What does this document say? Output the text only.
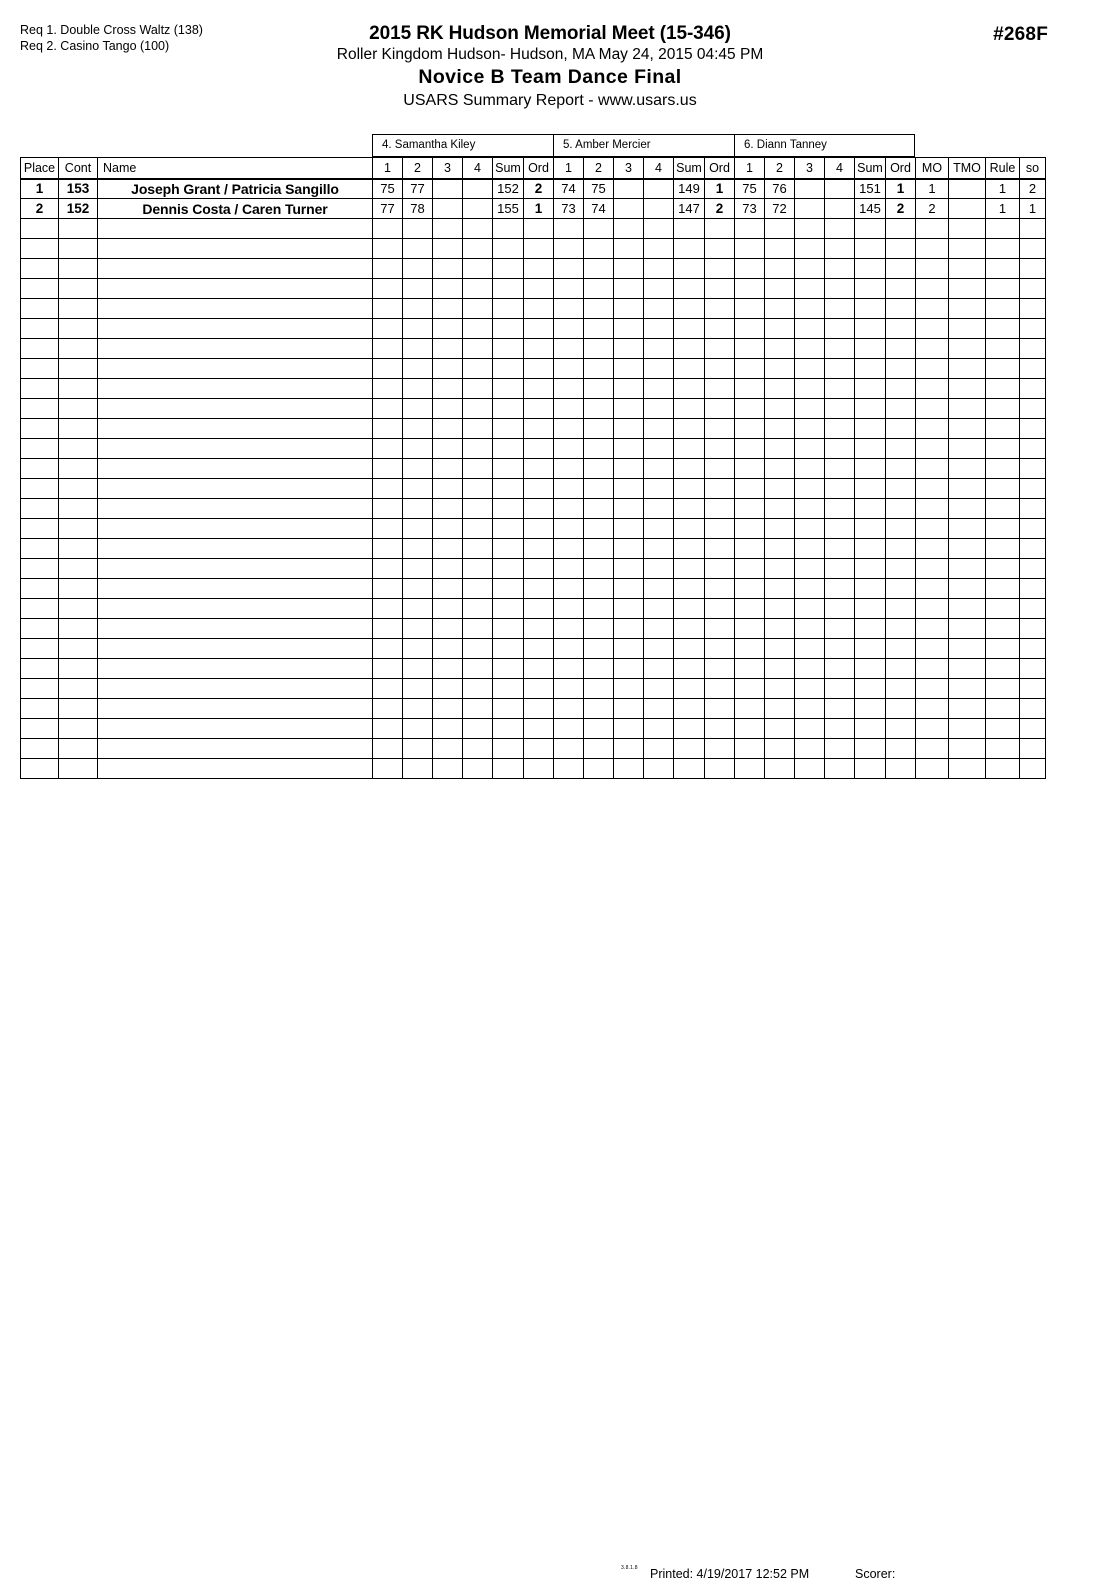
Req 1. Double Cross Waltz (138)
Req 2. Casino Tango (100)
#268F
2015 RK Hudson Memorial Meet (15-346)
Roller Kingdom Hudson- Hudson, MA May 24, 2015 04:45 PM
Novice B Team Dance Final
USARS Summary Report - www.usars.us
4. Samantha Kiley	5. Amber Mercier	6. Diann Tanney
Place	Cont	Name	1	2	3	4	Sum	Ord	1	2	3	4	Sum	Ord	1	2	3	4	Sum	Ord	MO	TMO	Rule	so
1	153	Joseph Grant / Patricia Sangillo	75	77			152	2	74	75			149	1	75	76			151	1	1		1	2
2	152	Dennis Costa / Caren Turner	77	78			155	1	73	74			147	2	73	72			145	2	2		1	1

3.8.1.8 Printed: 4/19/2017 12:52 PM	Scorer:
